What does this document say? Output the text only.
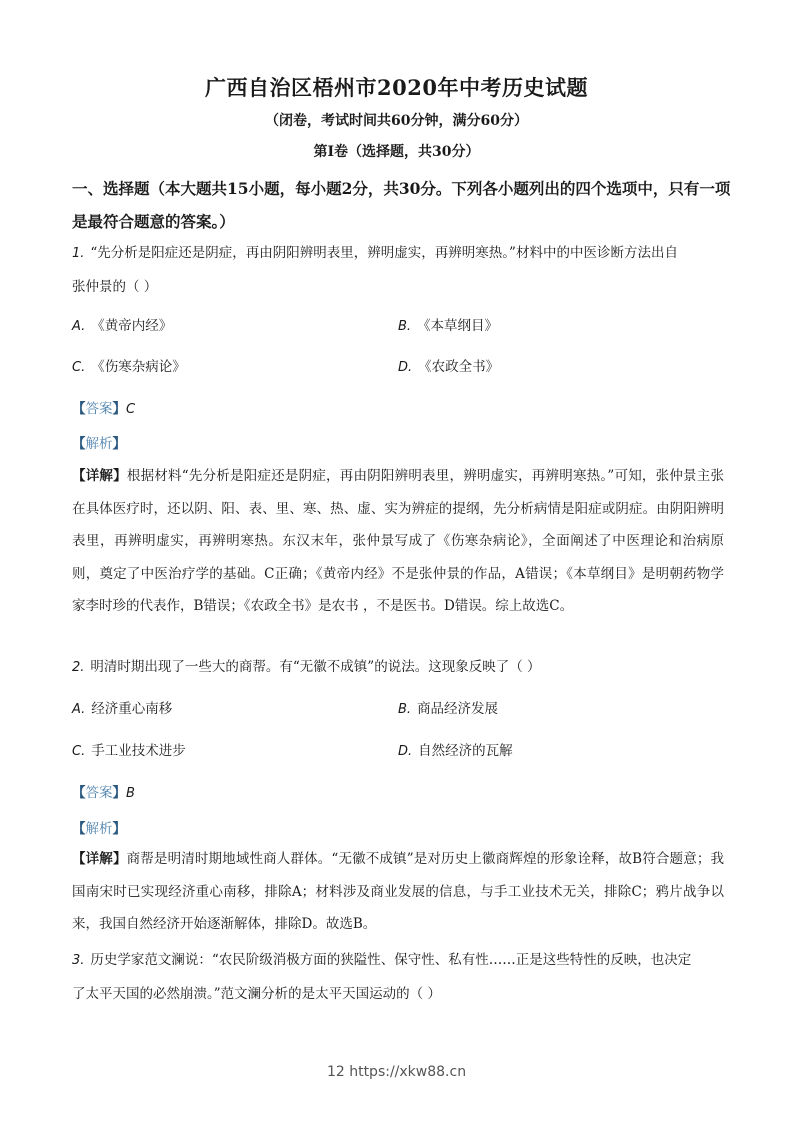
广西自治区梧州市2020年中考历史试题
（闭卷，考试时间共60分钟，满分60分）
第Ⅰ卷（选择题，共30分）
一、选择题（本大题共15小题，每小题2分，共30分。下列各小题列出的四个选项中，只有一项是最符合题意的答案。）
1. “先分析是阳症还是阴症，再由阴阳辨明表里，辨明虚实，再辨明寒热。”材料中的中医诊断方法出自
张仲景的（ ）
A. 《黄帝内经》	B. 《本草纲目》
C. 《伤寒杂病论》	D. 《农政全书》
【答案】C
【解析】
【详解】根据材料“先分析是阳症还是阴症，再由阴阳辨明表里，辨明虚实，再辨明寒热。”可知，张仲景主张在具体医疗时，还以阴、阳、表、里、寒、热、虚、实为辨症的提纲，先分析病情是阳症或阴症。由阴阳辨明表里，再辨明虚实，再辨明寒热。东汉末年，张仲景写成了《伤寒杂病论》，全面阐述了中医理论和治病原则，奠定了中医治疗学的基础。C正确；《黄帝内经》不是张仲景的作品，A错误；《本草纲目》是明朝药物学家李时珍的代表作，B错误；《农政全书》是农书 ，不是医书。D错误。综上故选C。
2. 明清时期出现了一些大的商帮。有“无徽不成镇”的说法。这现象反映了（ ）
A. 经济重心南移	B. 商品经济发展
C. 手工业技术进步	D. 自然经济的瓦解
【答案】B
【解析】
【详解】商帮是明清时期地域性商人群体。“无徽不成镇”是对历史上徽商辉煌的形象诠释，故B符合题意；我国南宋时已实现经济重心南移，排除A；材料涉及商业发展的信息，与手工业技术无关，排除C；鸦片战争以来，我国自然经济开始逐渐解体，排除D。故选B。
3. 历史学家范文澜说：“农民阶级消极方面的狭隘性、保守性、私有性……正是这些特性的反映，也决定
了太平天国的必然崩溃。”范文澜分析的是太平天国运动的（ ）
12 https://xkw88.cn
